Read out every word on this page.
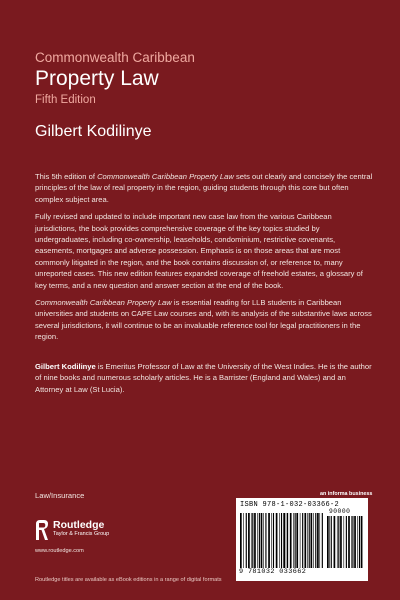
Commonwealth Caribbean
Property Law
Fifth Edition
Gilbert Kodilinye

This 5th edition of Commonwealth Caribbean Property Law sets out clearly and concisely the central principles of the law of real property in the region, guiding students through this core but often complex subject area.

Fully revised and updated to include important new case law from the various Caribbean jurisdictions, the book provides comprehensive coverage of the key topics studied by undergraduates, including co-ownership, leaseholds, condominium, restrictive covenants, easements, mortgages and adverse possession. Emphasis is on those areas that are most commonly litigated in the region, and the book contains discussion of, or reference to, many unreported cases. This new edition features expanded coverage of freehold estates, a glossary of key terms, and a new question and answer section at the end of the book.

Commonwealth Caribbean Property Law is essential reading for LLB students in Caribbean universities and students on CAPE Law courses and, with its analysis of the substantive laws across several jurisdictions, it will continue to be an invaluable reference tool for legal practitioners in the region.

Gilbert Kodilinye is Emeritus Professor of Law at the University of the West Indies. He is the author of nine books and numerous scholarly articles. He is a Barrister (England and Wales) and an Attorney at Law (St Lucia).

Law/Insurance
Routledge
Taylor & Francis Group
www.routledge.com
Routledge titles are available as eBook editions in a range of digital formats
an informa business
ISBN 978-1-032-03366-2
90000
9 781032 033662
